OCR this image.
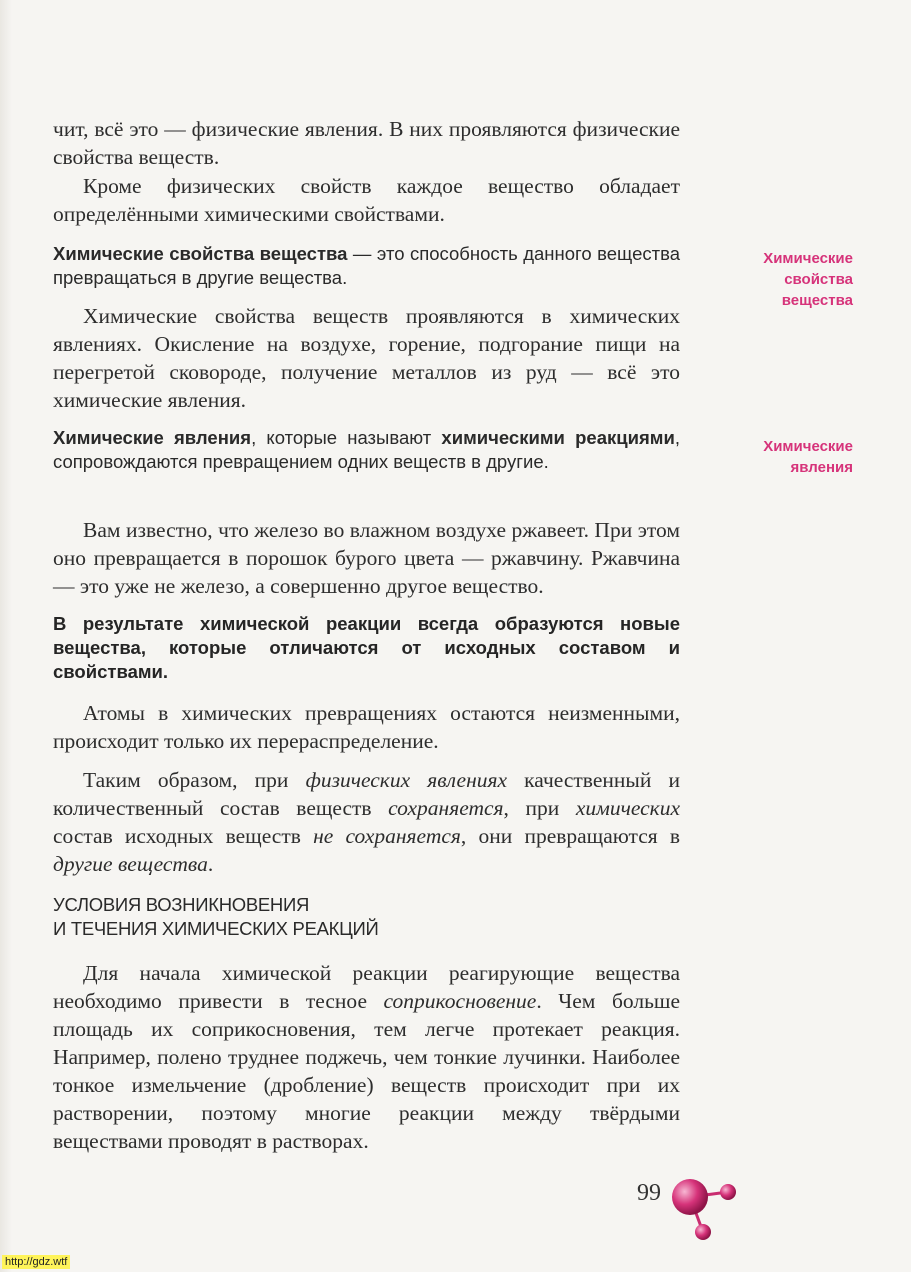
чит, всё это — физические явления. В них проявляются физические свойства веществ.

Кроме физических свойств каждое вещество обладает определёнными химическими свойствами.

Химические свойства вещества — это способность данного вещества превращаться в другие вещества.

Химические свойства вещества

Химические свойства веществ проявляются в химических явлениях. Окисление на воздухе, горение, подгорание пищи на перегретой сковороде, получение металлов из руд — всё это химические явления.

Химические явления, которые называют химическими реакциями, сопровождаются превращением одних веществ в другие.

Химические явления

Вам известно, что железо во влажном воздухе ржавеет. При этом оно превращается в порошок бурого цвета — ржавчину. Ржавчина — это уже не железо, а совершенно другое вещество.

В результате химической реакции всегда образуются новые вещества, которые отличаются от исходных составом и свойствами.

Атомы в химических превращениях остаются неизменными, происходит только их перераспределение.

Таким образом, при физических явлениях качественный и количественный состав веществ сохраняется, при химических состав исходных веществ не сохраняется, они превращаются в другие вещества.

УСЛОВИЯ ВОЗНИКНОВЕНИЯ

И ТЕЧЕНИЯ ХИМИЧЕСКИХ РЕАКЦИЙ

Для начала химической реакции реагирующие вещества необходимо привести в тесное соприкосновение. Чем больше площадь их соприкосновения, тем легче протекает реакция. Например, полено труднее поджечь, чем тонкие лучинки. Наиболее тонкое измельчение (дробление) веществ происходит при их растворении, поэтому многие реакции между твёрдыми веществами проводят в растворах.

99
http://gdz.wtf
